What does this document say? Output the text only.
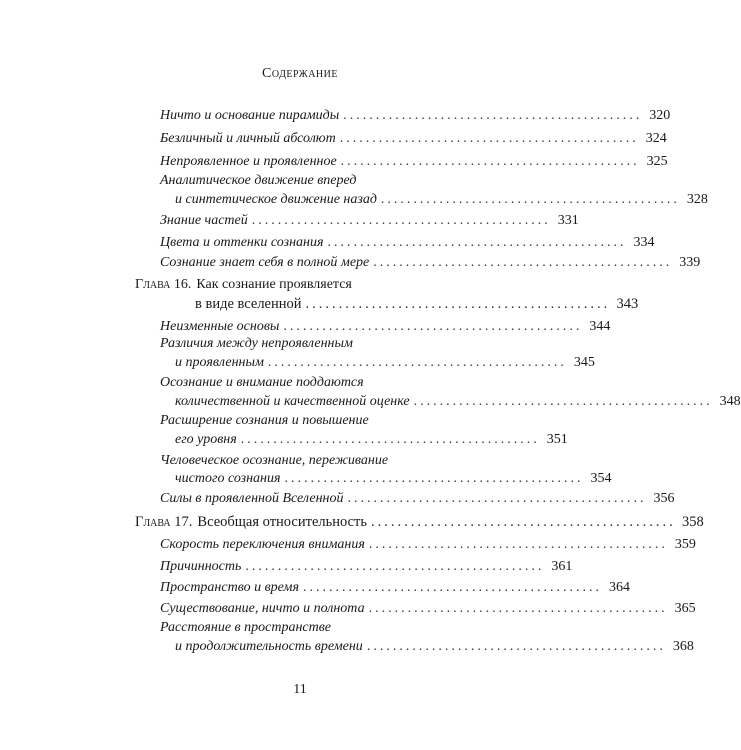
Содержание
Ничто и основание пирамиды .............................................. 320
Безличный и личный абсолют .............................................. 324
Непроявленное и проявленное .............................................. 325
Аналитическое движение вперед
и синтетическое движение назад .............................................. 328
Знание частей .............................................. 331
Цвета и оттенки сознания .............................................. 334
Сознание знает себя в полной мере .............................................. 339
Глава 16. Как сознание проявляется
в виде вселенной .............................................. 343
Неизменные основы .............................................. 344
Различия между непроявленным
и проявленным .............................................. 345
Осознание и внимание поддаются
количественной и качественной оценке .............................................. 348
Расширение сознания и повышение
его уровня .............................................. 351
Человеческое осознание, переживание
чистого сознания .............................................. 354
Силы в проявленной Вселенной .............................................. 356
Глава 17. Всеобщая относительность .............................................. 358
Скорость переключения внимания .............................................. 359
Причинность .............................................. 361
Пространство и время .............................................. 364
Существование, ничто и полнота .............................................. 365
Расстояние в пространстве
и продолжительность времени .............................................. 368
11
